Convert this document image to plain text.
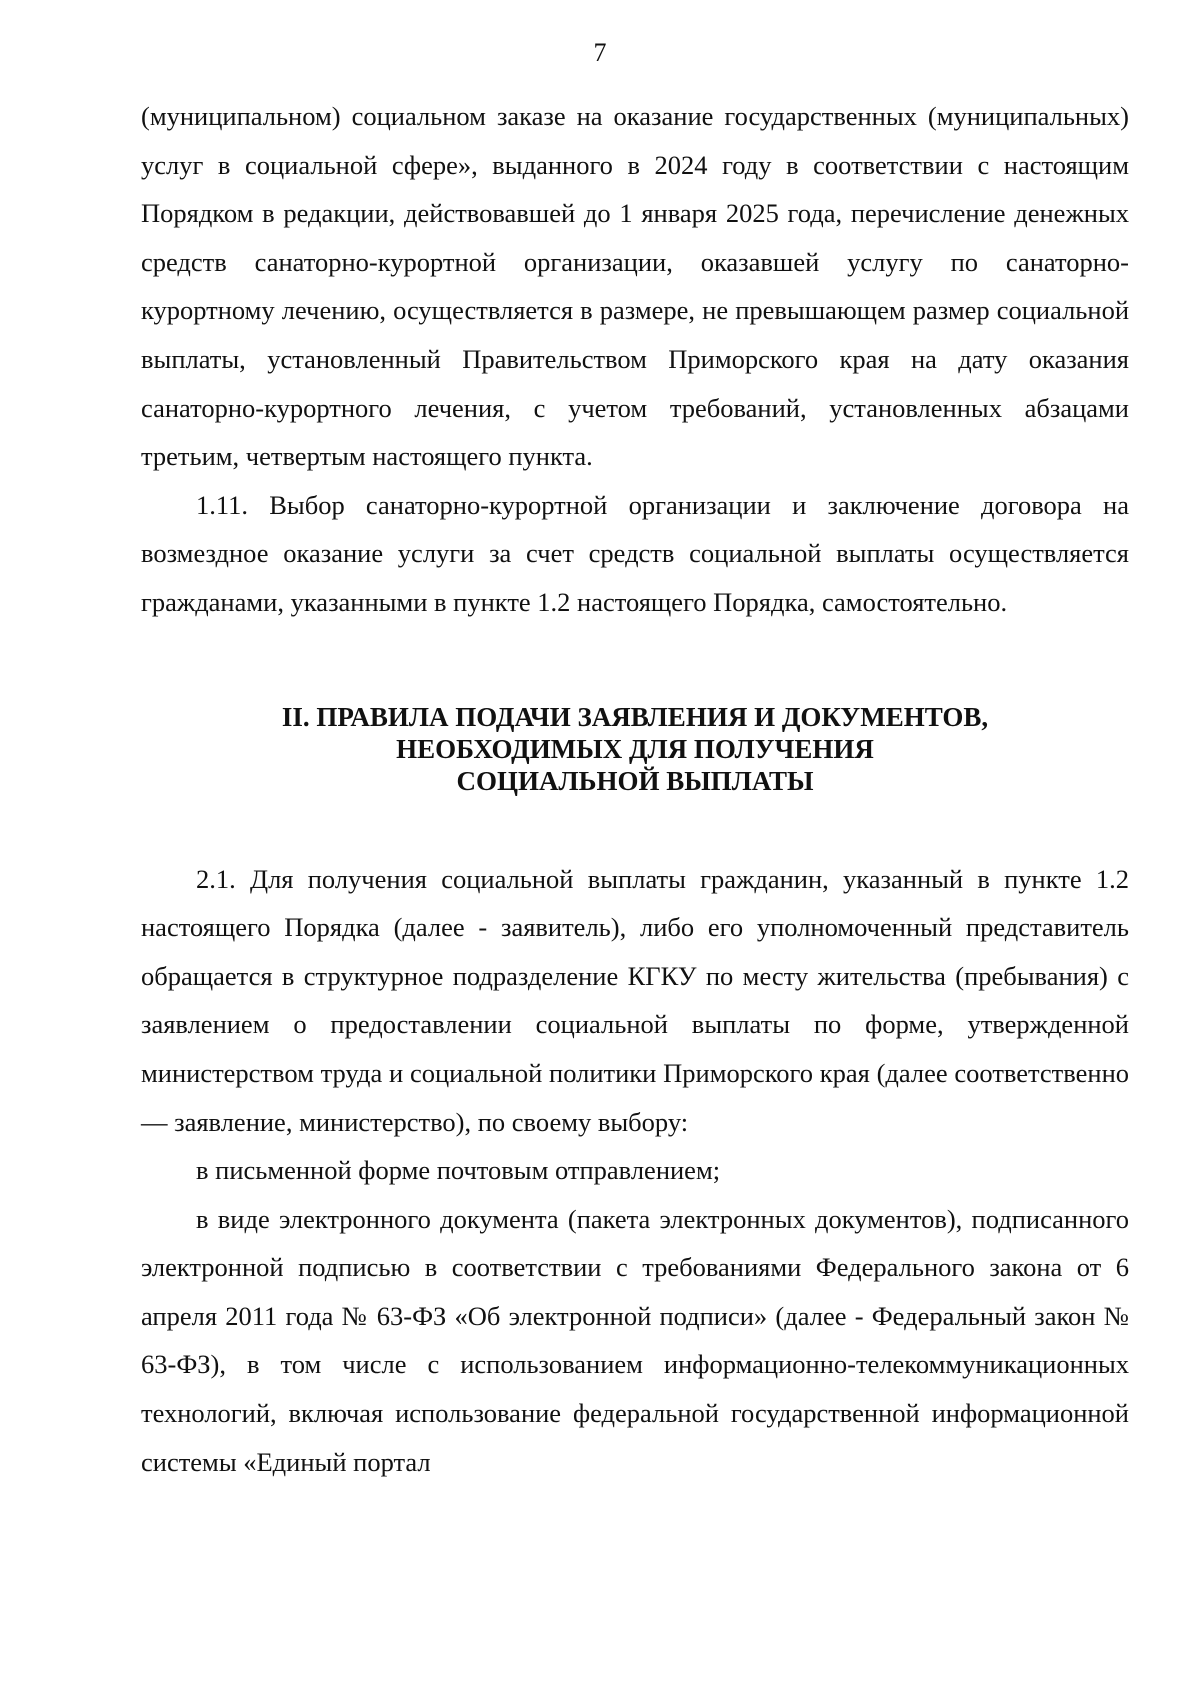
7

(муниципальном) социальном заказе на оказание государственных (муниципальных) услуг в социальной сфере», выданного в 2024 году в соответствии с настоящим Порядком в редакции, действовавшей до 1 января 2025 года, перечисление денежных средств санаторно-курортной организации, оказавшей услугу по санаторно-курортному лечению, осуществляется в размере, не превышающем размер социальной выплаты, установленный Правительством Приморского края на дату оказания санаторно-курортного лечения, с учетом требований, установленных абзацами третьим, четвертым настоящего пункта.

1.11. Выбор санаторно-курортной организации и заключение договора на возмездное оказание услуги за счет средств социальной выплаты осуществляется гражданами, указанными в пункте 1.2 настоящего Порядка, самостоятельно.

II. ПРАВИЛА ПОДАЧИ ЗАЯВЛЕНИЯ И ДОКУМЕНТОВ,
НЕОБХОДИМЫХ ДЛЯ ПОЛУЧЕНИЯ
СОЦИАЛЬНОЙ ВЫПЛАТЫ

2.1. Для получения социальной выплаты гражданин, указанный в пункте 1.2 настоящего Порядка (далее - заявитель), либо его уполномоченный представитель обращается в структурное подразделение КГКУ по месту жительства (пребывания) с заявлением о предоставлении социальной выплаты по форме, утвержденной министерством труда и социальной политики Приморского края (далее соответственно — заявление, министерство), по своему выбору:

в письменной форме почтовым отправлением;

в виде электронного документа (пакета электронных документов), подписанного электронной подписью в соответствии с требованиями Федерального закона от 6 апреля 2011 года № 63-ФЗ «Об электронной подписи» (далее - Федеральный закон № 63-ФЗ), в том числе с использованием информационно-телекоммуникационных технологий, включая использование федеральной государственной информационной системы «Единый портал
